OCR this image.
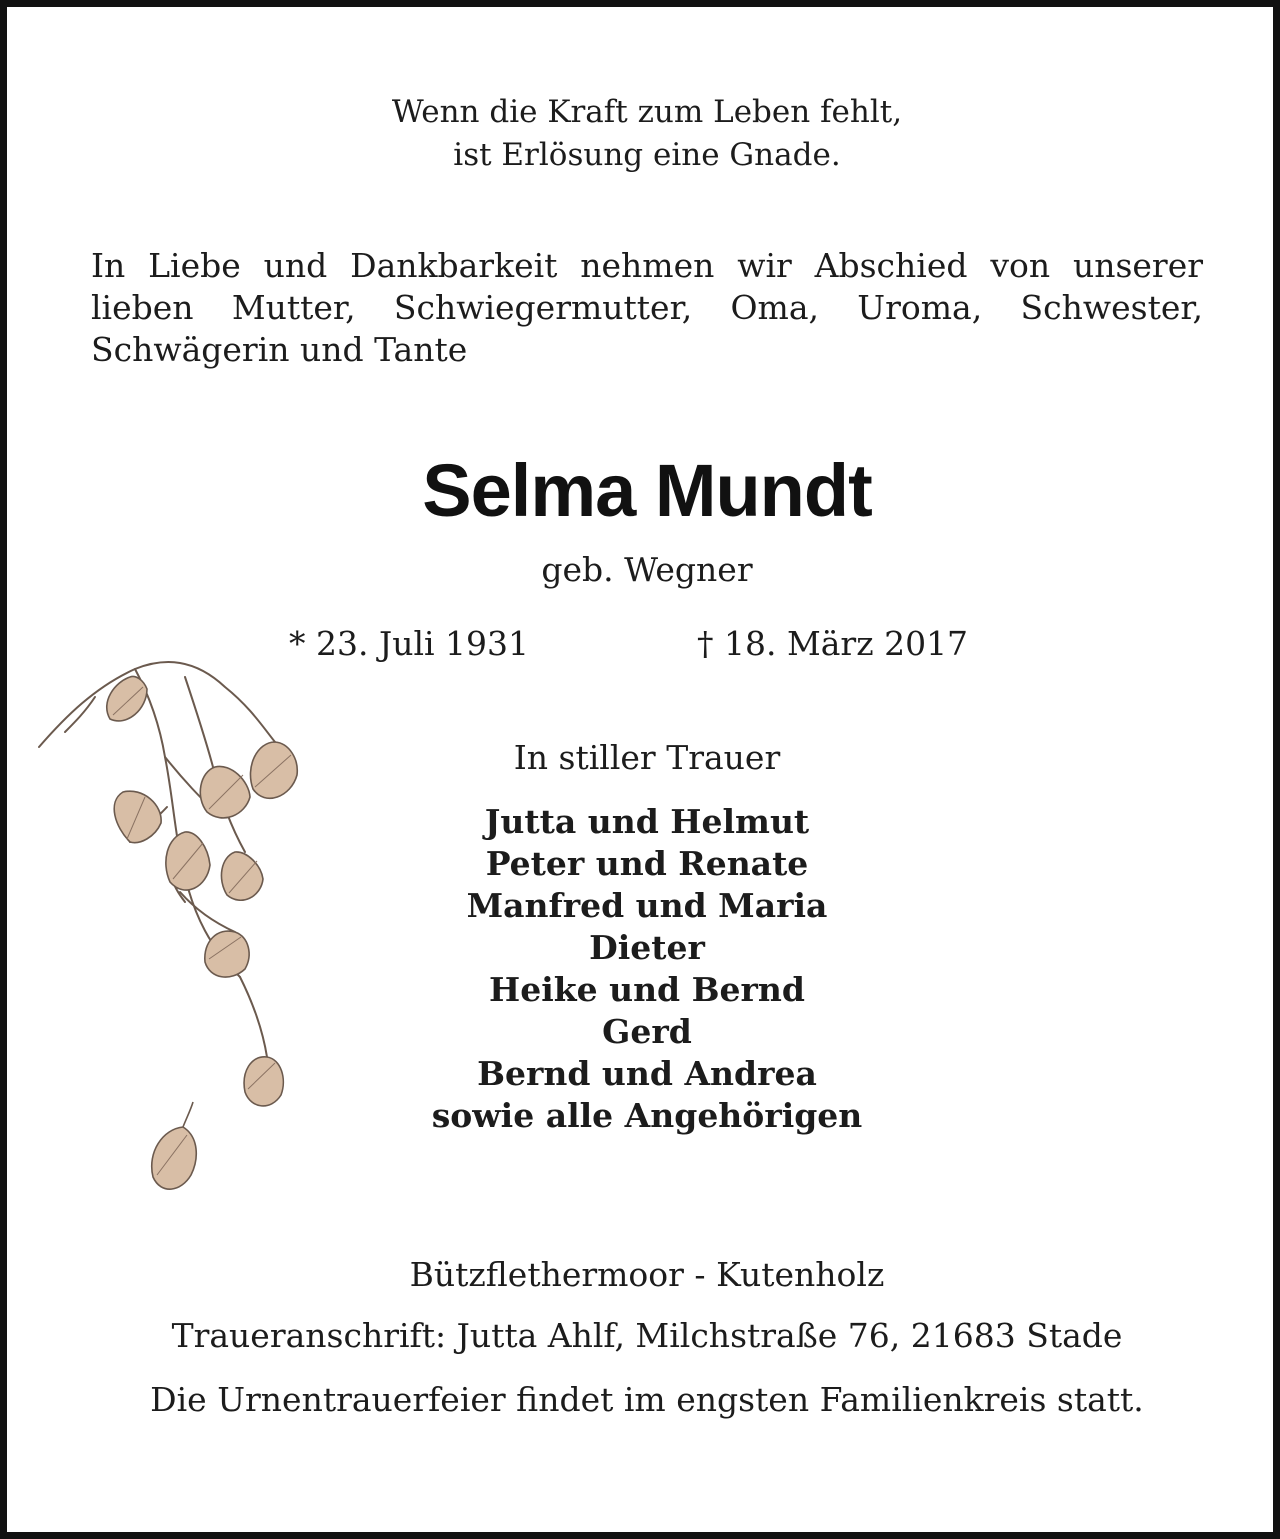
Wenn die Kraft zum Leben fehlt,
ist Erlösung eine Gnade.
In Liebe und Dankbarkeit nehmen wir Abschied von unserer lieben Mutter, Schwiegermutter, Oma, Uroma, Schwester, Schwägerin und Tante
Selma Mundt
geb. Wegner
* 23. Juli 1931	† 18. März 2017
In stiller Trauer
Jutta und Helmut
Peter und Renate
Manfred und Maria
Dieter
Heike und Bernd
Gerd
Bernd und Andrea
sowie alle Angehörigen
Bützflethermoor - Kutenholz
Traueranschrift: Jutta Ahlf, Milchstraße 76, 21683 Stade
Die Urnentrauerfeier findet im engsten Familienkreis statt.
